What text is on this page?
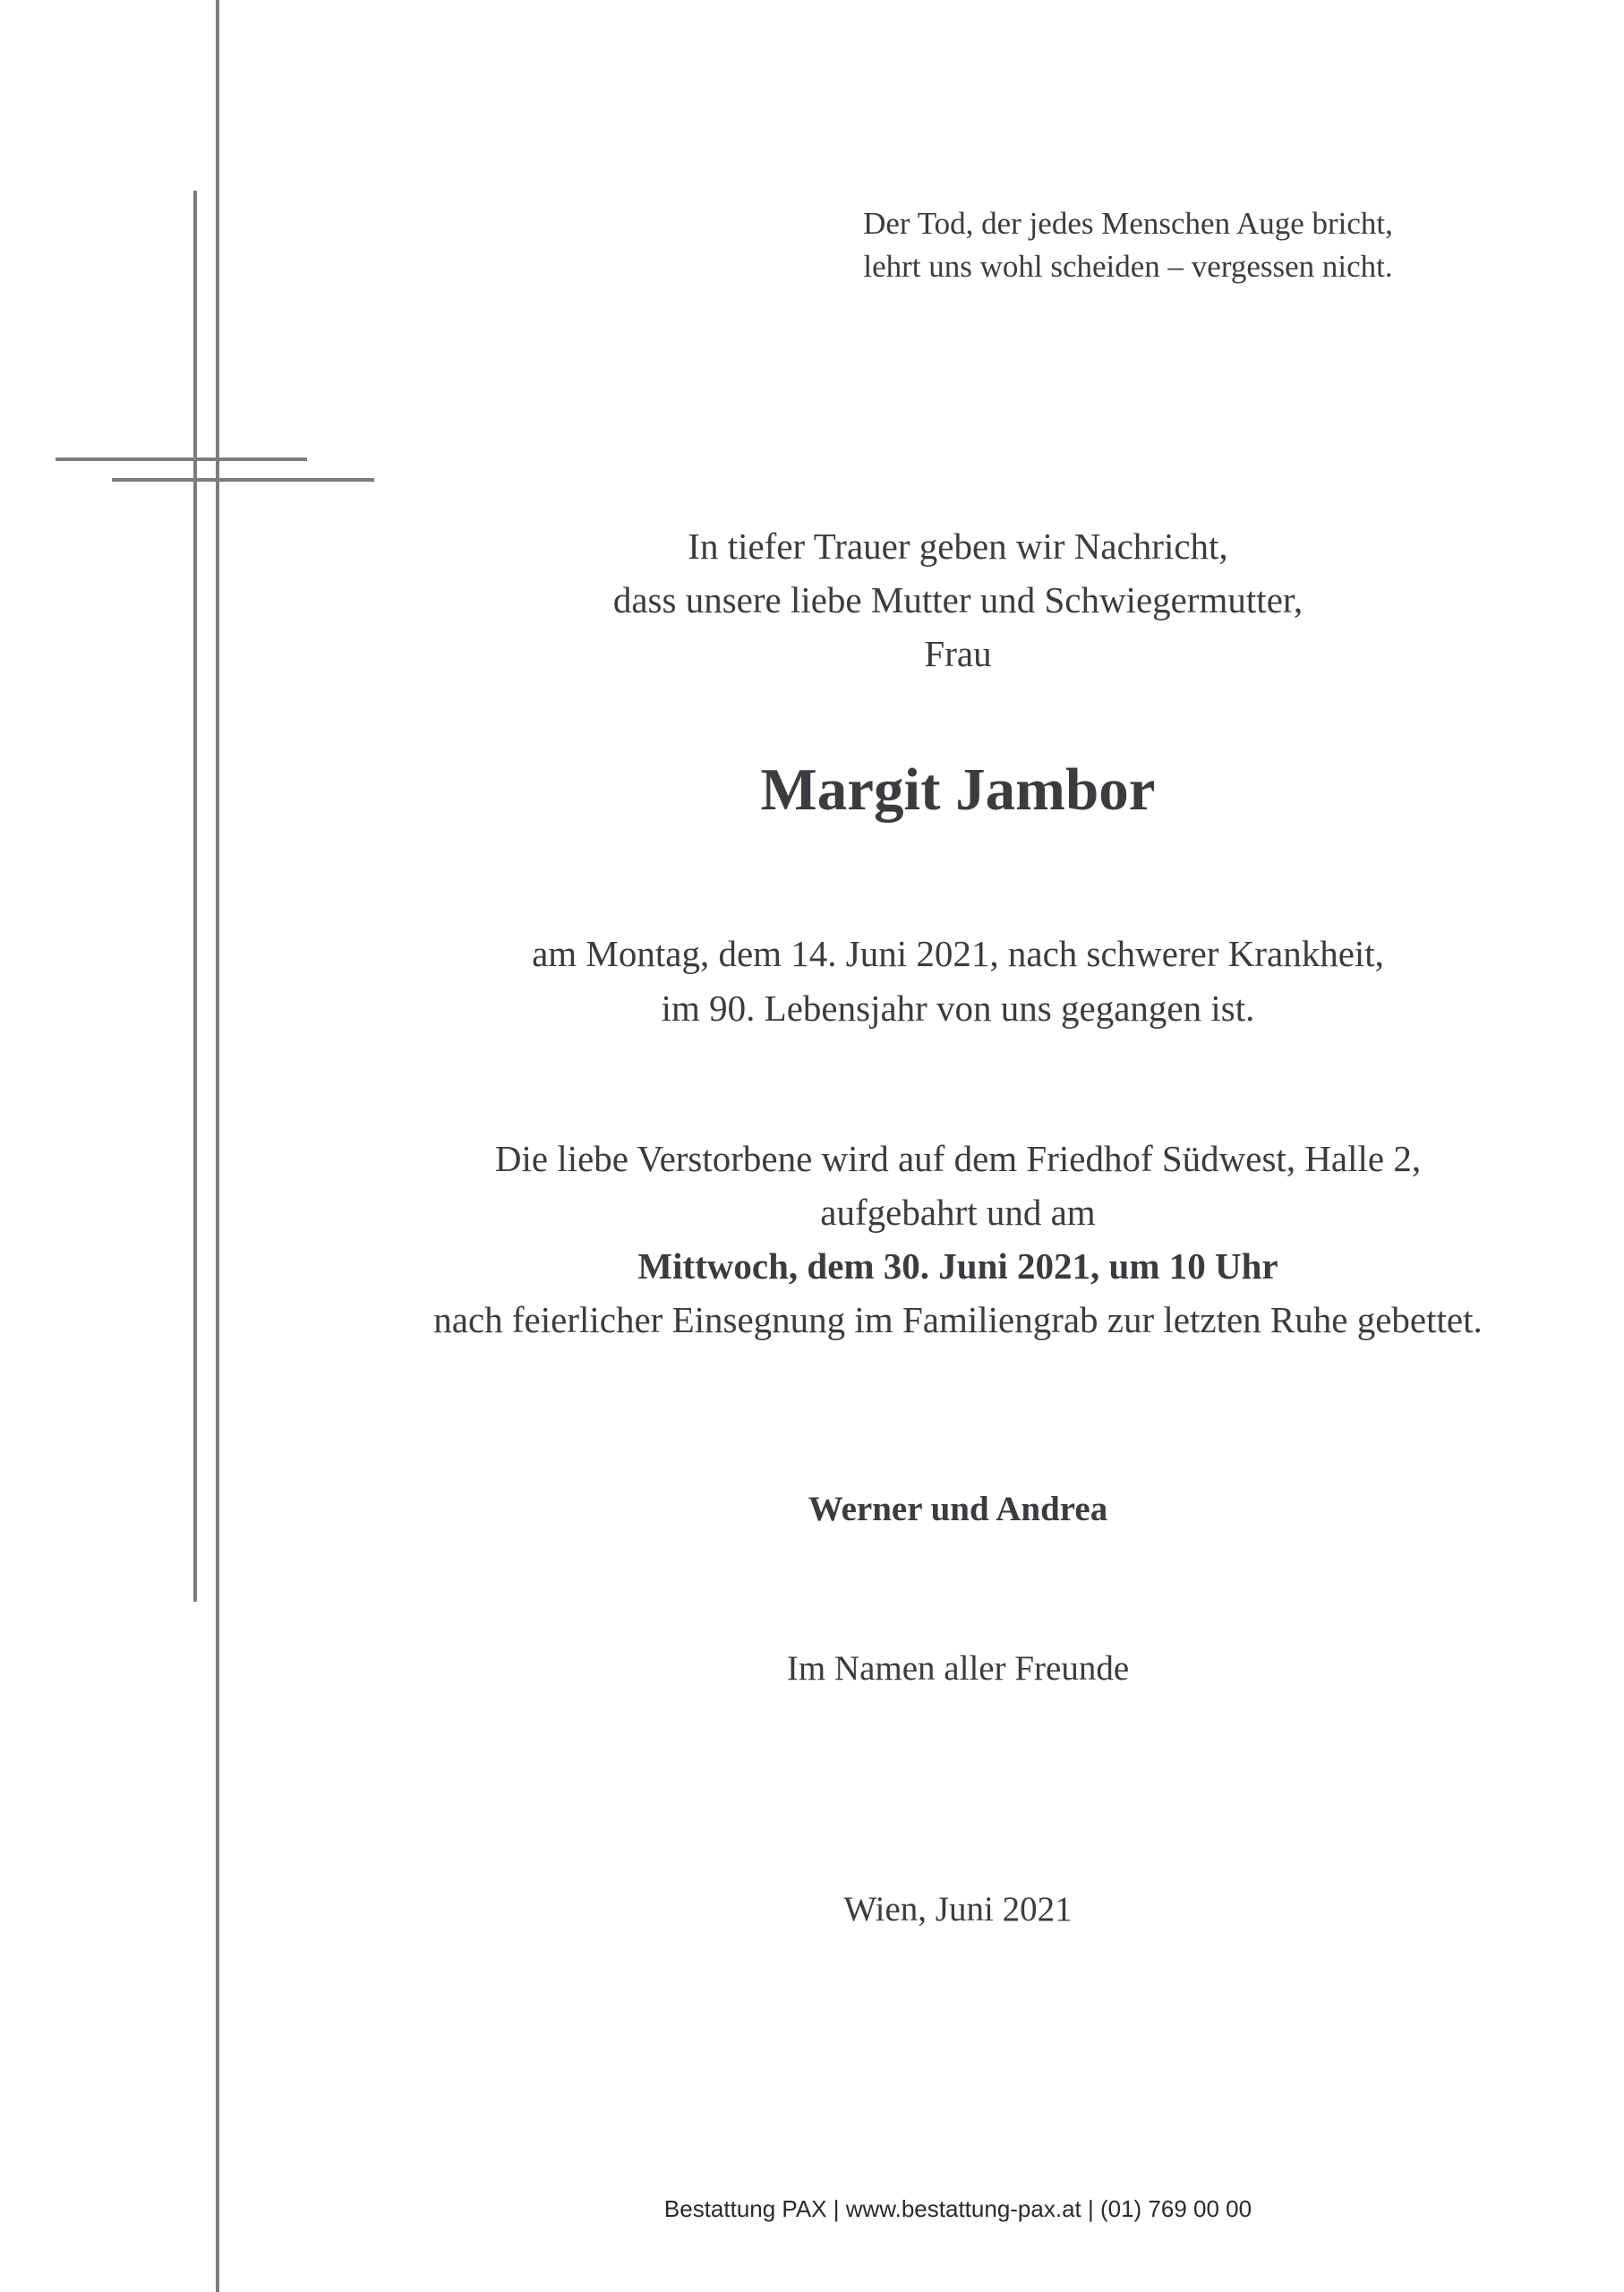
Der Tod, der jedes Menschen Auge bricht,
lehrt uns wohl scheiden – vergessen nicht.
In tiefer Trauer geben wir Nachricht,
dass unsere liebe Mutter und Schwiegermutter,
Frau
Margit Jambor
am Montag, dem 14. Juni 2021, nach schwerer Krankheit,
im 90. Lebensjahr von uns gegangen ist.
Die liebe Verstorbene wird auf dem Friedhof Südwest, Halle 2,
aufgebahrt und am
Mittwoch, dem 30. Juni 2021, um 10 Uhr
nach feierlicher Einsegnung im Familiengrab zur letzten Ruhe gebettet.
Werner und Andrea
Im Namen aller Freunde
Wien, Juni 2021
Bestattung PAX | www.bestattung-pax.at | (01) 769 00 00
